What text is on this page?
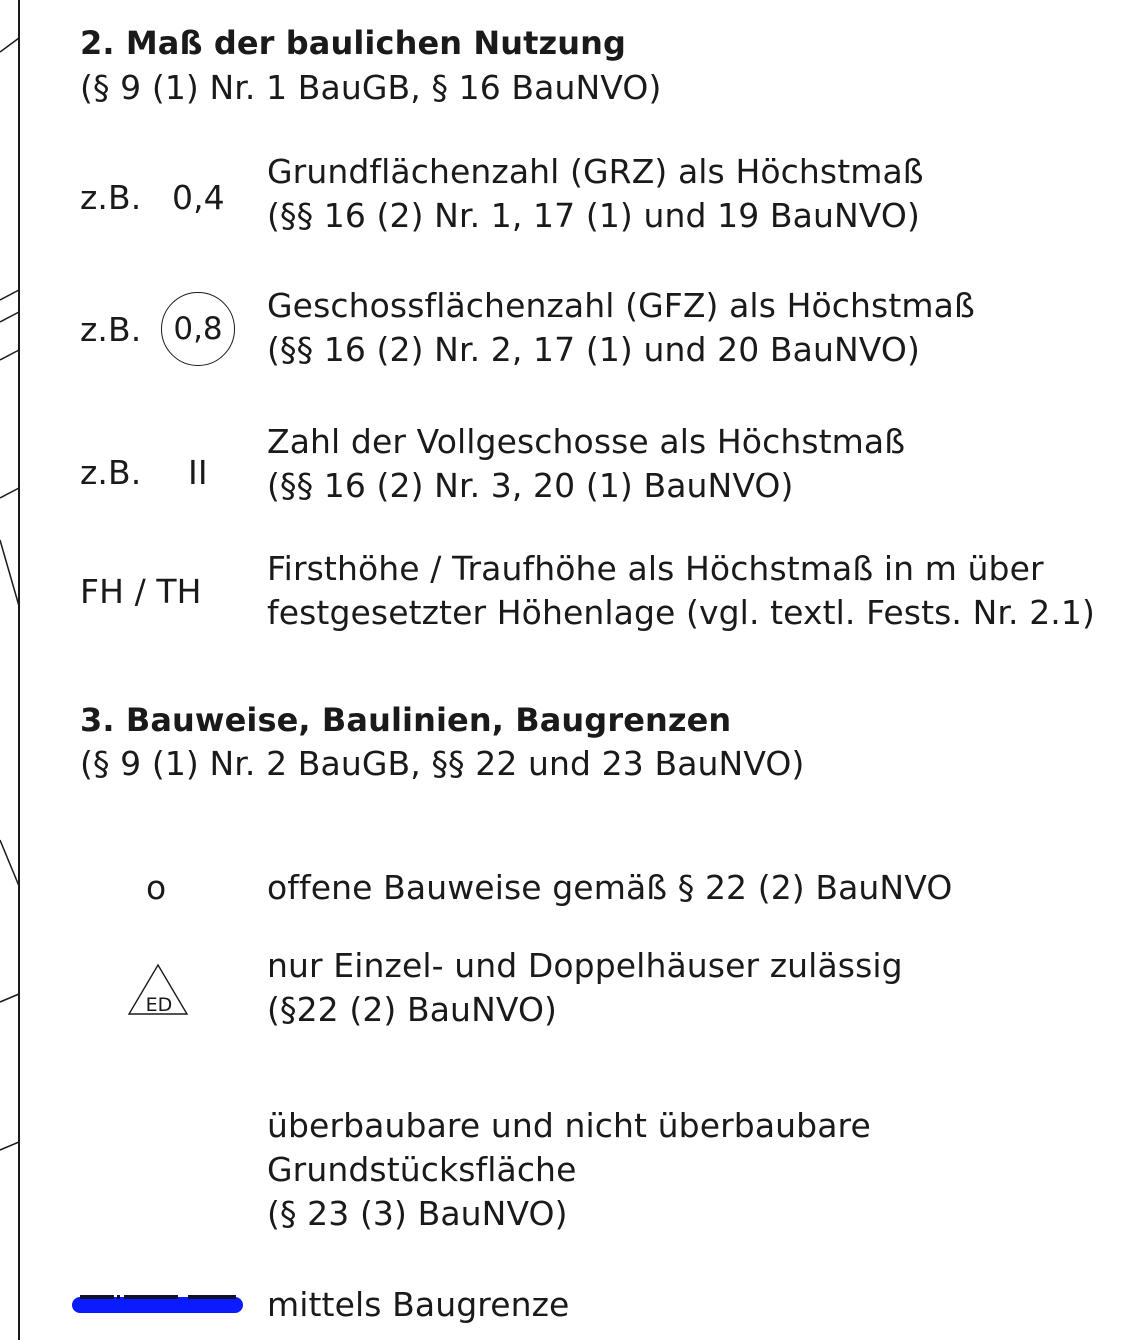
2. Maß der baulichen Nutzung
(§ 9 (1) Nr. 1 BauGB, § 16 BauNVO)
z.B. 0,4
Grundflächenzahl (GRZ) als Höchstmaß
(§§ 16 (2) Nr. 1, 17 (1) und 19 BauNVO)
z.B.	0,8
Geschossflächenzahl (GFZ) als Höchstmaß
(§§ 16 (2) Nr. 2, 17 (1) und 20 BauNVO)
z.B. II
Zahl der Vollgeschosse als Höchstmaß
(§§ 16 (2) Nr. 3, 20 (1) BauNVO)
FH / TH
Firsthöhe / Traufhöhe als Höchstmaß in m über
festgesetzter Höhenlage (vgl. textl. Fests. Nr. 2.1)
3. Bauweise, Baulinien, Baugrenzen
(§ 9 (1) Nr. 2 BauGB, §§ 22 und 23 BauNVO)
o	offene Bauweise gemäß § 22 (2) BauNVO
ED
nur Einzel- und Doppelhäuser zulässig
(§22 (2) BauNVO)
überbaubare und nicht überbaubare
Grundstücksfläche
(§ 23 (3) BauNVO)
mittels Baugrenze
